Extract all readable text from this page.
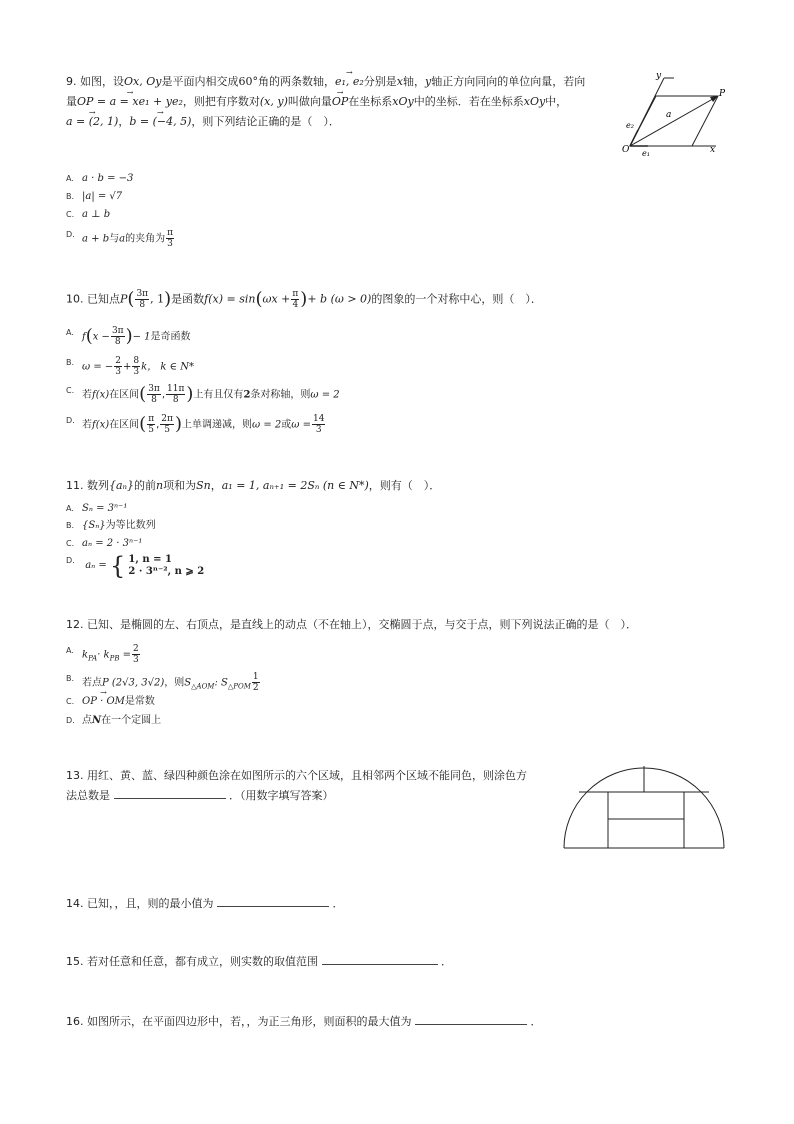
9. 如图，设Ox, Oy是平面内相交成60°角的两条数轴，→ e₁, e₂分别是x轴，y轴正方向同向的单位向量，若向
量→ OP = a = xe₁ + ye₂，则把有序数对(x, y)叫做向量→ OP在坐标系xOy中的坐标．若在坐标系xOy中，
→ a = (2, 1)，→ b = (−4, 5)，则下列结论正确的是（　）．
y
x
P
O
a
e₁
e₂
A. a · b = −3
B. |a| = √7
C. a ⊥ b
D. a + b与a的夹角为 $\frac{\pi}{3}$
10. 已知点$P( \frac{3\pi}{8}$ , 1)是函数$f(x) = \sin(\omega x + \frac{\pi}{4}$ )+ b (ω > 0)的图象的一个对称中心，则（　）．
A. $f(x - \frac{3\pi}{8}$ )− 1是奇函数
B. ω = − $\frac{2}{3} + \frac{8}{3}$ k， k ∈ N*
C. 若f(x)在区间( $\frac{3\pi}{8}$ , $\frac{11\pi}{8}$ )上有且仅有2条对称轴，则ω = 2
D. 若f(x)在区间( $\frac{\pi}{5}$ , $\frac{2\pi}{5}$ )上单调递减，则ω = 2或$\omega = \frac{14}{3}$
11. 数列{aₙ}的前n项和为Sn，a₁ = 1, aₙ₊₁ = 2Sₙ (n ∈ N*)，则有（　）．
A. Sₙ = 3ⁿ⁻¹
B. {Sₙ}为等比数列
C. aₙ = 2 · 3ⁿ⁻¹
D. aₙ = { 1, n = 1
2 · 3ⁿ⁻², n ⩾ 2
12. 已知、是椭圆的左、右顶点，是直线上的动点（不在轴上），交椭圆于点，与交于点，则下列说法正确的是（　）．
A. $k_{PA}\cdot k_{PB} = \frac{2}{3}$
B. 若点P (2√3, 3√2)，则$S_{\triangle AOM}$: $S_{\triangle POM} \frac{1}{2}$
C.→ OP · OM是常数
D. 点N在一个定圆上
13. 用红、黄、蓝、绿四种颜色涂在如图所示的六个区域，且相邻两个区域不能同色，则涂色方
法总数是	．（用数字填写答案）
14. 已知，，且，则的最小值为	．
15. 若对任意和任意，都有成立，则实数的取值范围	．
16. 如图所示，在平面四边形中，若，，为正三角形，则面积的最大值为	．
